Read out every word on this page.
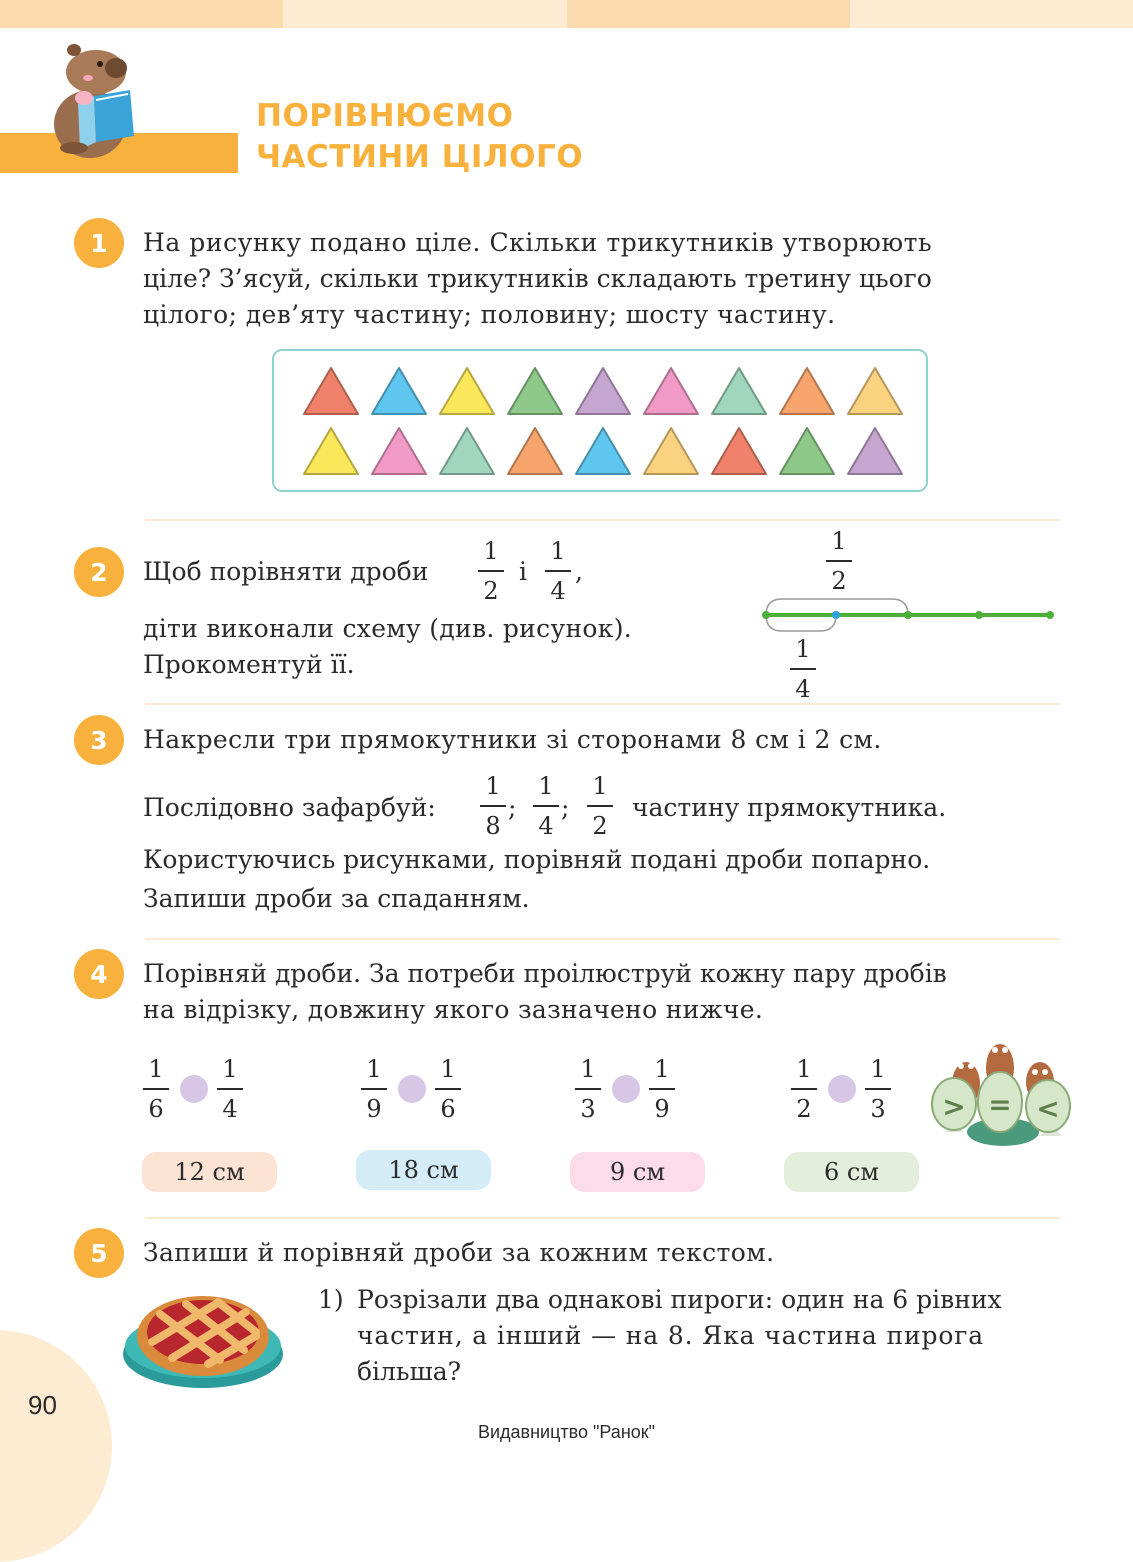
ПОРІВНЮЄМО
ЧАСТИНИ ЦІЛОГО
1	На рисунку подано ціле. Скільки трикутників утворюють
ціле? З’ясуй, скільки трикутників складають третину цього
цілого; дев’яту частину; половину; шосту частину.
2	Щоб порівняти дроби
1
2
і
1
4
,
діти виконали схему (див. рисунок).
Прокоментуй її.
1
2
1
4
3	Накресли три прямокутники зі сторонами 8 см і 2 см.
Послідовно зафарбуй:
1
8
;
1
4
;
1
2
частину прямокутника.
Користуючись рисунками, порівняй подані дроби попарно.
Запиши дроби за спаданням.
4	Порівняй дроби. За потреби проілюструй кожну пару дробів
на відрізку, довжину якого зазначено нижче.
1
6
1
4
12 см
1
9
1
6
18 см
1
3
1
9
9 см
1
2
1
3
6 см
> = <
5	Запиши й порівняй дроби за кожним текстом.
1) Розрізали два однакові пироги: один на 6 рівних
частин, а інший — на 8. Яка частина пирога
більша?
90
Видавництво "Ранок"
